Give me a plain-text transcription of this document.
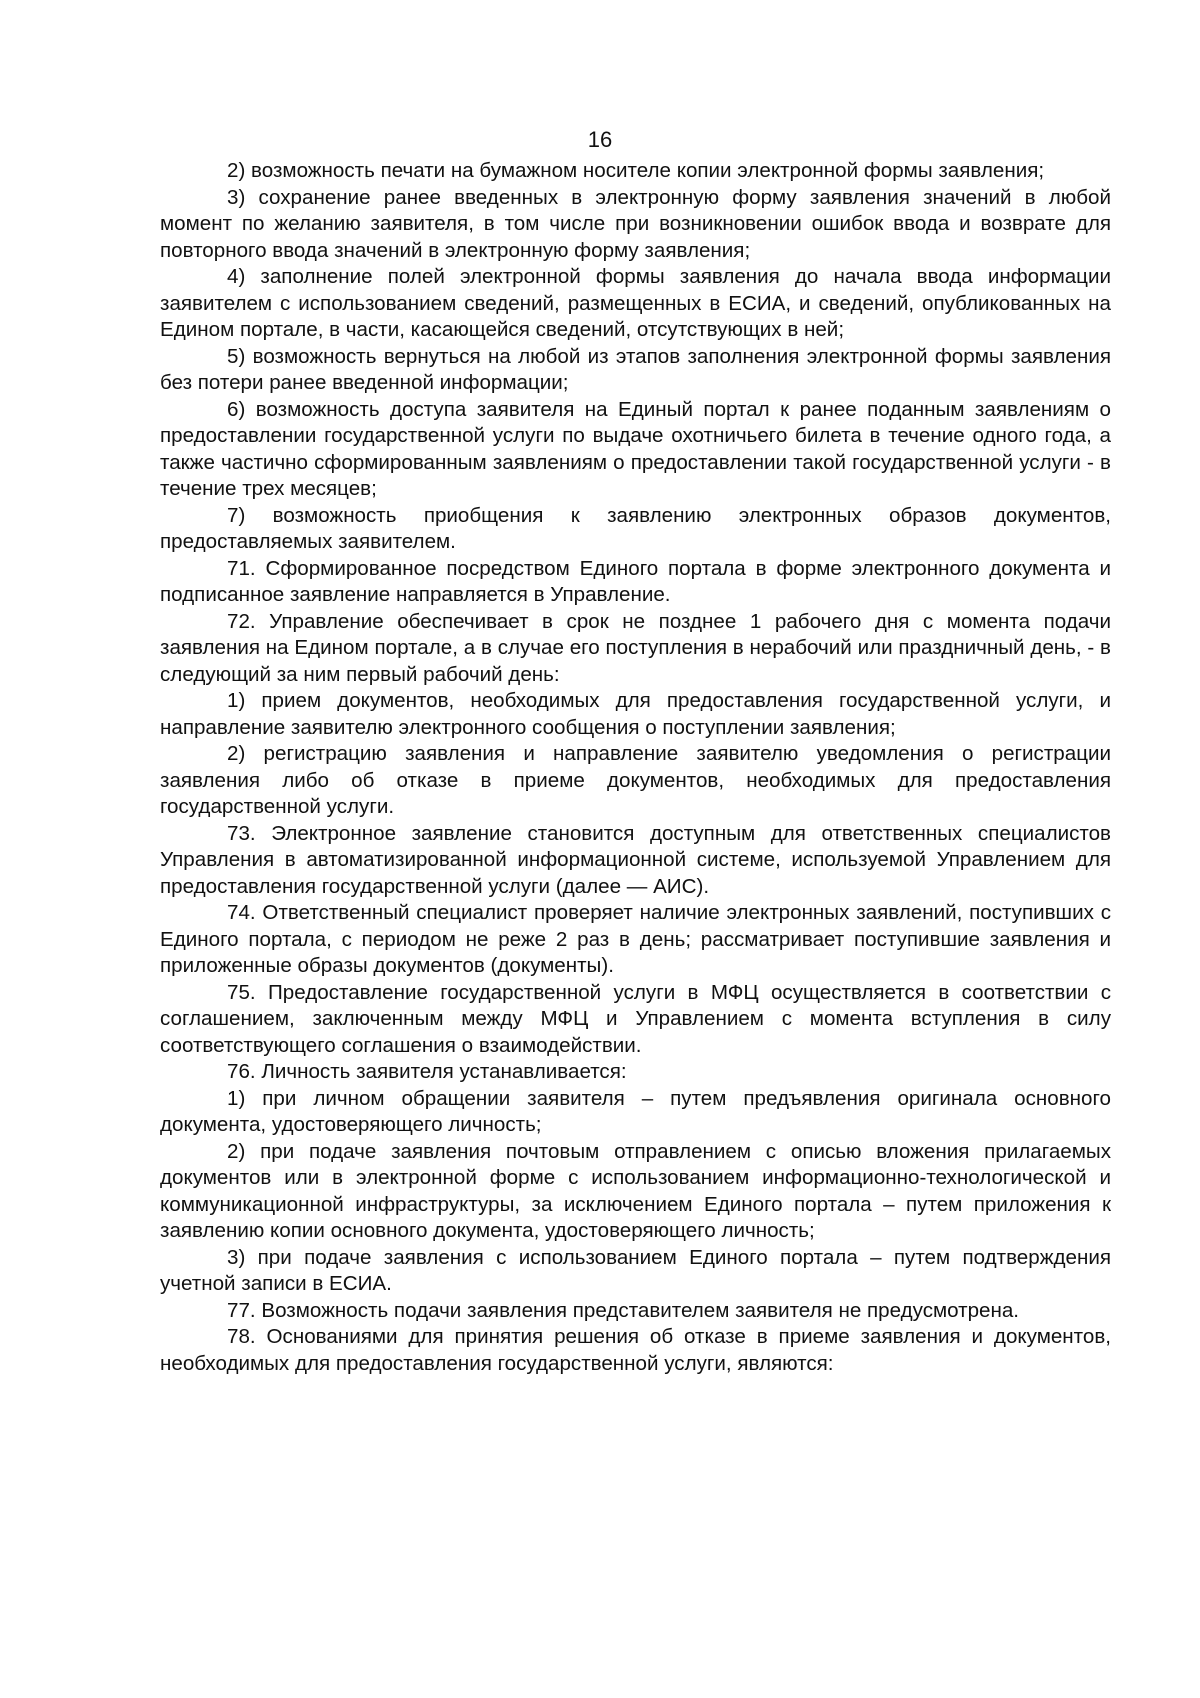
16

2) возможность печати на бумажном носителе копии электронной формы заявления;

3) сохранение ранее введенных в электронную форму заявления значений в любой момент по желанию заявителя, в том числе при возникновении ошибок ввода и возврате для повторного ввода значений в электронную форму заявления;

4) заполнение полей электронной формы заявления до начала ввода информации заявителем с использованием сведений, размещенных в ЕСИА, и сведений, опубликованных на Едином портале, в части, касающейся сведений, отсутствующих в ней;

5) возможность вернуться на любой из этапов заполнения электронной формы заявления без потери ранее введенной информации;

6) возможность доступа заявителя на Единый портал к ранее поданным заявлениям о предоставлении государственной услуги по выдаче охотничьего билета в течение одного года, а также частично сформированным заявлениям о предоставлении такой государственной услуги - в течение трех месяцев;

7) возможность приобщения к заявлению электронных образов документов, предоставляемых заявителем.

71. Сформированное посредством Единого портала в форме электронного документа и подписанное заявление направляется в Управление.

72. Управление обеспечивает в срок не позднее 1 рабочего дня с момента подачи заявления на Едином портале, а в случае его поступления в нерабочий или праздничный день, - в следующий за ним первый рабочий день:

1) прием документов, необходимых для предоставления государственной услуги, и направление заявителю электронного сообщения о поступлении заявления;

2) регистрацию заявления и направление заявителю уведомления о регистрации заявления либо об отказе в приеме документов, необходимых для предоставления государственной услуги.

73. Электронное заявление становится доступным для ответственных специалистов Управления в автоматизированной информационной системе, используемой Управлением для предоставления государственной услуги (далее — АИС).

74. Ответственный специалист проверяет наличие электронных заявлений, поступивших с Единого портала, с периодом не реже 2 раз в день; рассматривает поступившие заявления и приложенные образы документов (документы).

75. Предоставление государственной услуги в МФЦ осуществляется в соответствии с соглашением, заключенным между МФЦ и Управлением с момента вступления в силу соответствующего соглашения о взаимодействии.

76. Личность заявителя устанавливается:

1) при личном обращении заявителя – путем предъявления оригинала основного документа, удостоверяющего личность;

2) при подаче заявления почтовым отправлением с описью вложения прилагаемых документов или в электронной форме с использованием информационно-технологической и коммуникационной инфраструктуры, за исключением Единого портала – путем приложения к заявлению копии основного документа, удостоверяющего личность;

3) при подаче заявления с использованием Единого портала – путем подтверждения учетной записи в ЕСИА.

77. Возможность подачи заявления представителем заявителя не предусмотрена.

78. Основаниями для принятия решения об отказе в приеме заявления и документов, необходимых для предоставления государственной услуги, являются:
